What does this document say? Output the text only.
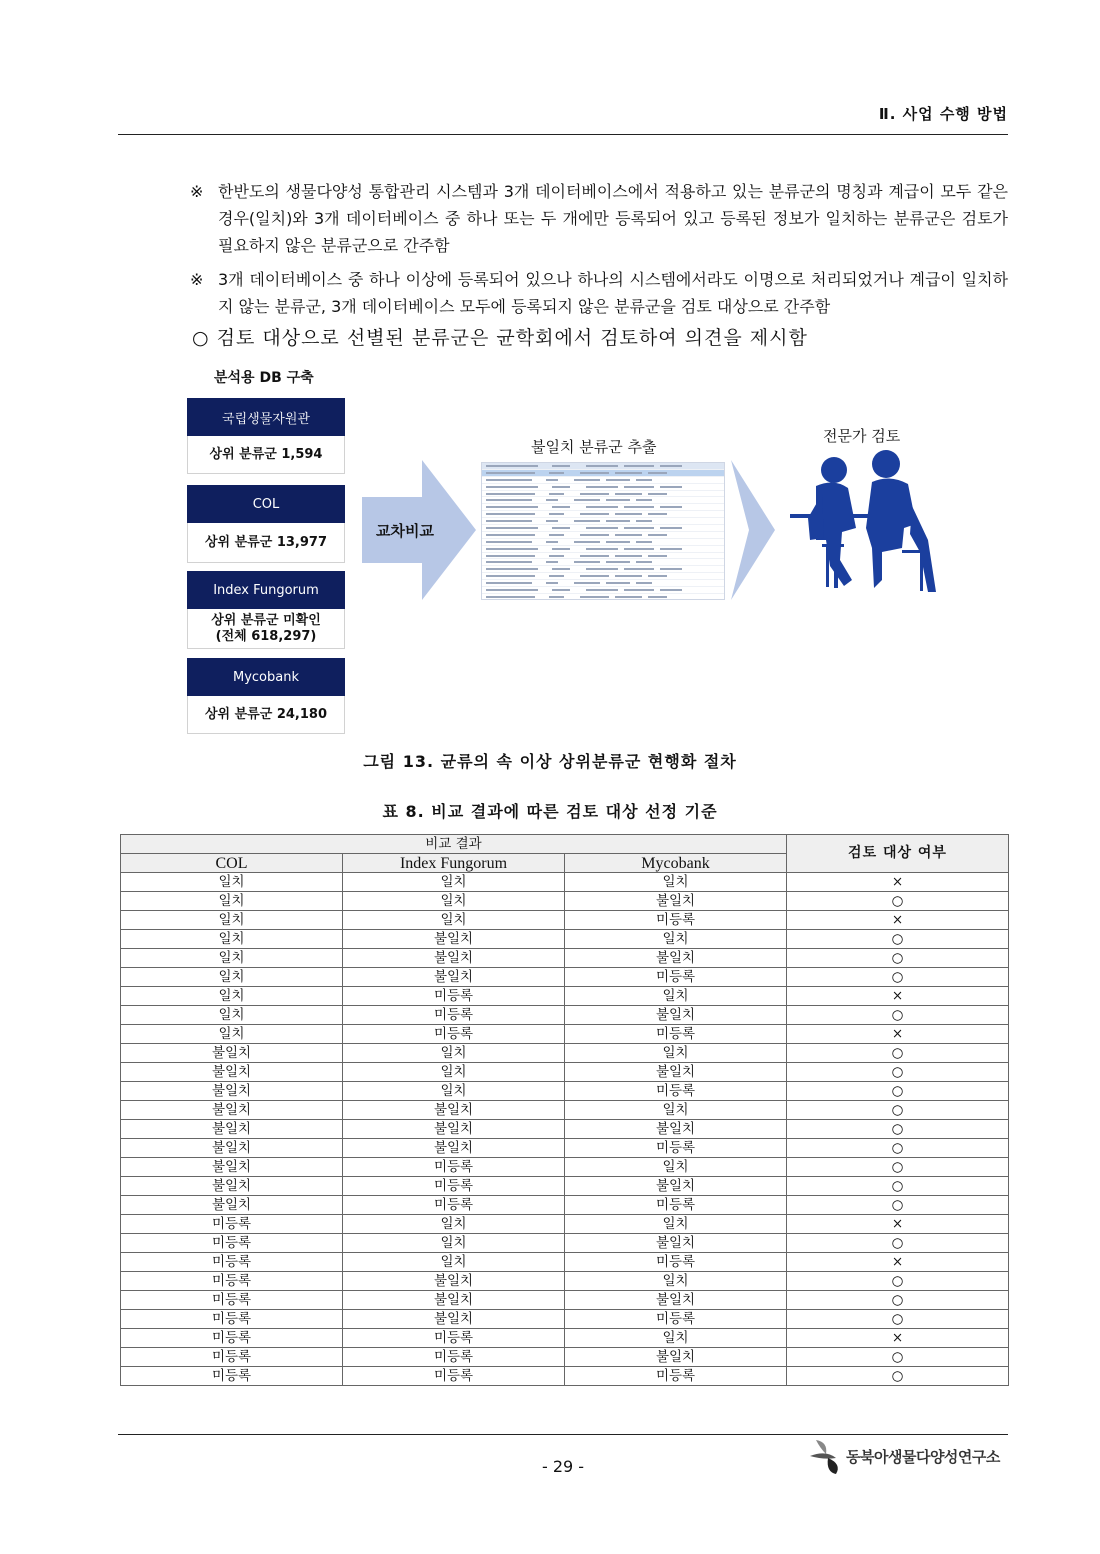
Ⅱ. 사업 수행 방법
※ 한반도의 생물다양성 통합관리 시스템과 3개 데이터베이스에서 적용하고 있는 분류군의 명칭과 계급이 모두 같은 경우(일치)와 3개 데이터베이스 중 하나 또는 두 개에만 등록되어 있고 등록된 정보가 일치하는 분류군은 검토가 필요하지 않은 분류군으로 간주함
※ 3개 데이터베이스 중 하나 이상에 등록되어 있으나 하나의 시스템에서라도 이명으로 처리되었거나 계급이 일치하지 않는 분류군, 3개 데이터베이스 모두에 등록되지 않은 분류군을 검토 대상으로 간주함
○ 검토 대상으로 선별된 분류군은 균학회에서 검토하여 의견을 제시함
분석용 DB 구축
국립생물자원관
상위 분류군 1,594
COL
상위 분류군 13,977
Index Fungorum
상위 분류군 미확인
(전체 618,297)
Mycobank
상위 분류군 24,180
교차비교
불일치 분류군 추출
전문가 검토
그림 13. 균류의 속 이상 상위분류군 현행화 절차
표 8. 비교 결과에 따른 검토 대상 선정 기준
비교 결과			검토 대상 여부
COL	Index Fungorum	Mycobank	
일치	일치	일치	×
일치	일치	불일치	○
일치	일치	미등록	×
일치	불일치	일치	○
일치	불일치	불일치	○
일치	불일치	미등록	○
일치	미등록	일치	×
일치	미등록	불일치	○
일치	미등록	미등록	×
불일치	일치	일치	○
불일치	일치	불일치	○
불일치	일치	미등록	○
불일치	불일치	일치	○
불일치	불일치	불일치	○
불일치	불일치	미등록	○
불일치	미등록	일치	○
불일치	미등록	불일치	○
불일치	미등록	미등록	○
미등록	일치	일치	×
미등록	일치	불일치	○
미등록	일치	미등록	×
미등록	불일치	일치	○
미등록	불일치	불일치	○
미등록	불일치	미등록	○
미등록	미등록	일치	×
미등록	미등록	불일치	○
미등록	미등록	미등록	○
- 29 -	동북아생물다양성연구소
